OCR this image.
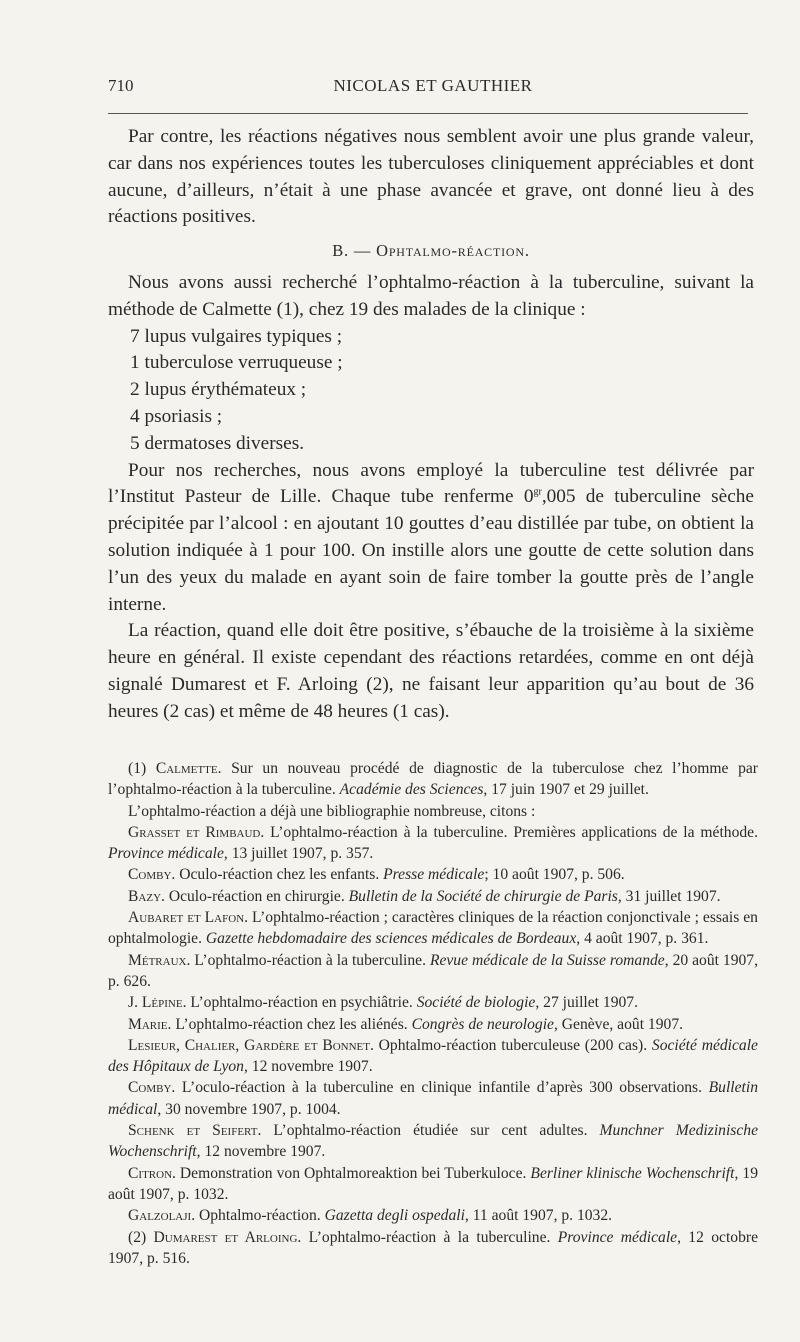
710	NICOLAS ET GAUTHIER

Par contre, les réactions négatives nous semblent avoir une plus grande valeur, car dans nos expériences toutes les tuberculoses cliniquement appréciables et dont aucune, d’ailleurs, n’était à une phase avancée et grave, ont donné lieu à des réactions positives.

B. — Ophtalmo-réaction.

Nous avons aussi recherché l’ophtalmo-réaction à la tuberculine, suivant la méthode de Calmette (1), chez 19 des malades de la clinique :

7 lupus vulgaires typiques ;

1 tuberculose verruqueuse ;

2 lupus érythémateux ;

4 psoriasis ;

5 dermatoses diverses.

Pour nos recherches, nous avons employé la tuberculine test délivrée par l’Institut Pasteur de Lille. Chaque tube renferme $0^{gr},005$ de tuberculine sèche précipitée par l’alcool : en ajoutant 10 gouttes d’eau distillée par tube, on obtient la solution indiquée à 1 pour 100. On instille alors une goutte de cette solution dans l’un des yeux du malade en ayant soin de faire tomber la goutte près de l’angle interne.

La réaction, quand elle doit être positive, s’ébauche de la troisième à la sixième heure en général. Il existe cependant des réactions retardées, comme en ont déjà signalé Dumarest et F. Arloing (2), ne faisant leur apparition qu’au bout de 36 heures (2 cas) et même de 48 heures (1 cas).

(1) Calmette. Sur un nouveau procédé de diagnostic de la tuberculose chez l’homme par l’ophtalmo-réaction à la tuberculine. Académie des Sciences, 17 juin 1907 et 29 juillet.

L’ophtalmo-réaction a déjà une bibliographie nombreuse, citons :

Grasset et Rimbaud. L’ophtalmo-réaction à la tuberculine. Premières applications de la méthode. Province médicale, 13 juillet 1907, p. 357.

Comby. Oculo-réaction chez les enfants. Presse médicale; 10 août 1907, p. 506.

Bazy. Oculo-réaction en chirurgie. Bulletin de la Société de chirurgie de Paris, 31 juillet 1907.

Aubaret et Lafon. L’ophtalmo-réaction ; caractères cliniques de la réaction conjonctivale ; essais en ophtalmologie. Gazette hebdomadaire des sciences médicales de Bordeaux, 4 août 1907, p. 361.

Métraux. L’ophtalmo-réaction à la tuberculine. Revue médicale de la Suisse romande, 20 août 1907, p. 626.

J. Lépine. L’ophtalmo-réaction en psychiâtrie. Société de biologie, 27 juillet 1907.

Marie. L’ophtalmo-réaction chez les aliénés. Congrès de neurologie, Genève, août 1907.

Lesieur, Chalier, Gardère et Bonnet. Ophtalmo-réaction tuberculeuse (200 cas). Société médicale des Hôpitaux de Lyon, 12 novembre 1907.

Comby. L’oculo-réaction à la tuberculine en clinique infantile d’après 300 observations. Bulletin médical, 30 novembre 1907, p. 1004.

Schenk et Seifert. L’ophtalmo-réaction étudiée sur cent adultes. Munchner Medizinische Wochenschrift, 12 novembre 1907.

Citron. Demonstration von Ophtalmoreaktion bei Tuberkuloce. Berliner klinische Wochenschrift, 19 août 1907, p. 1032.

Galzolaji. Ophtalmo-réaction. Gazetta degli ospedali, 11 août 1907, p. 1032.

(2) Dumarest et Arloing. L’ophtalmo-réaction à la tuberculine. Province médicale, 12 octobre 1907, p. 516.
